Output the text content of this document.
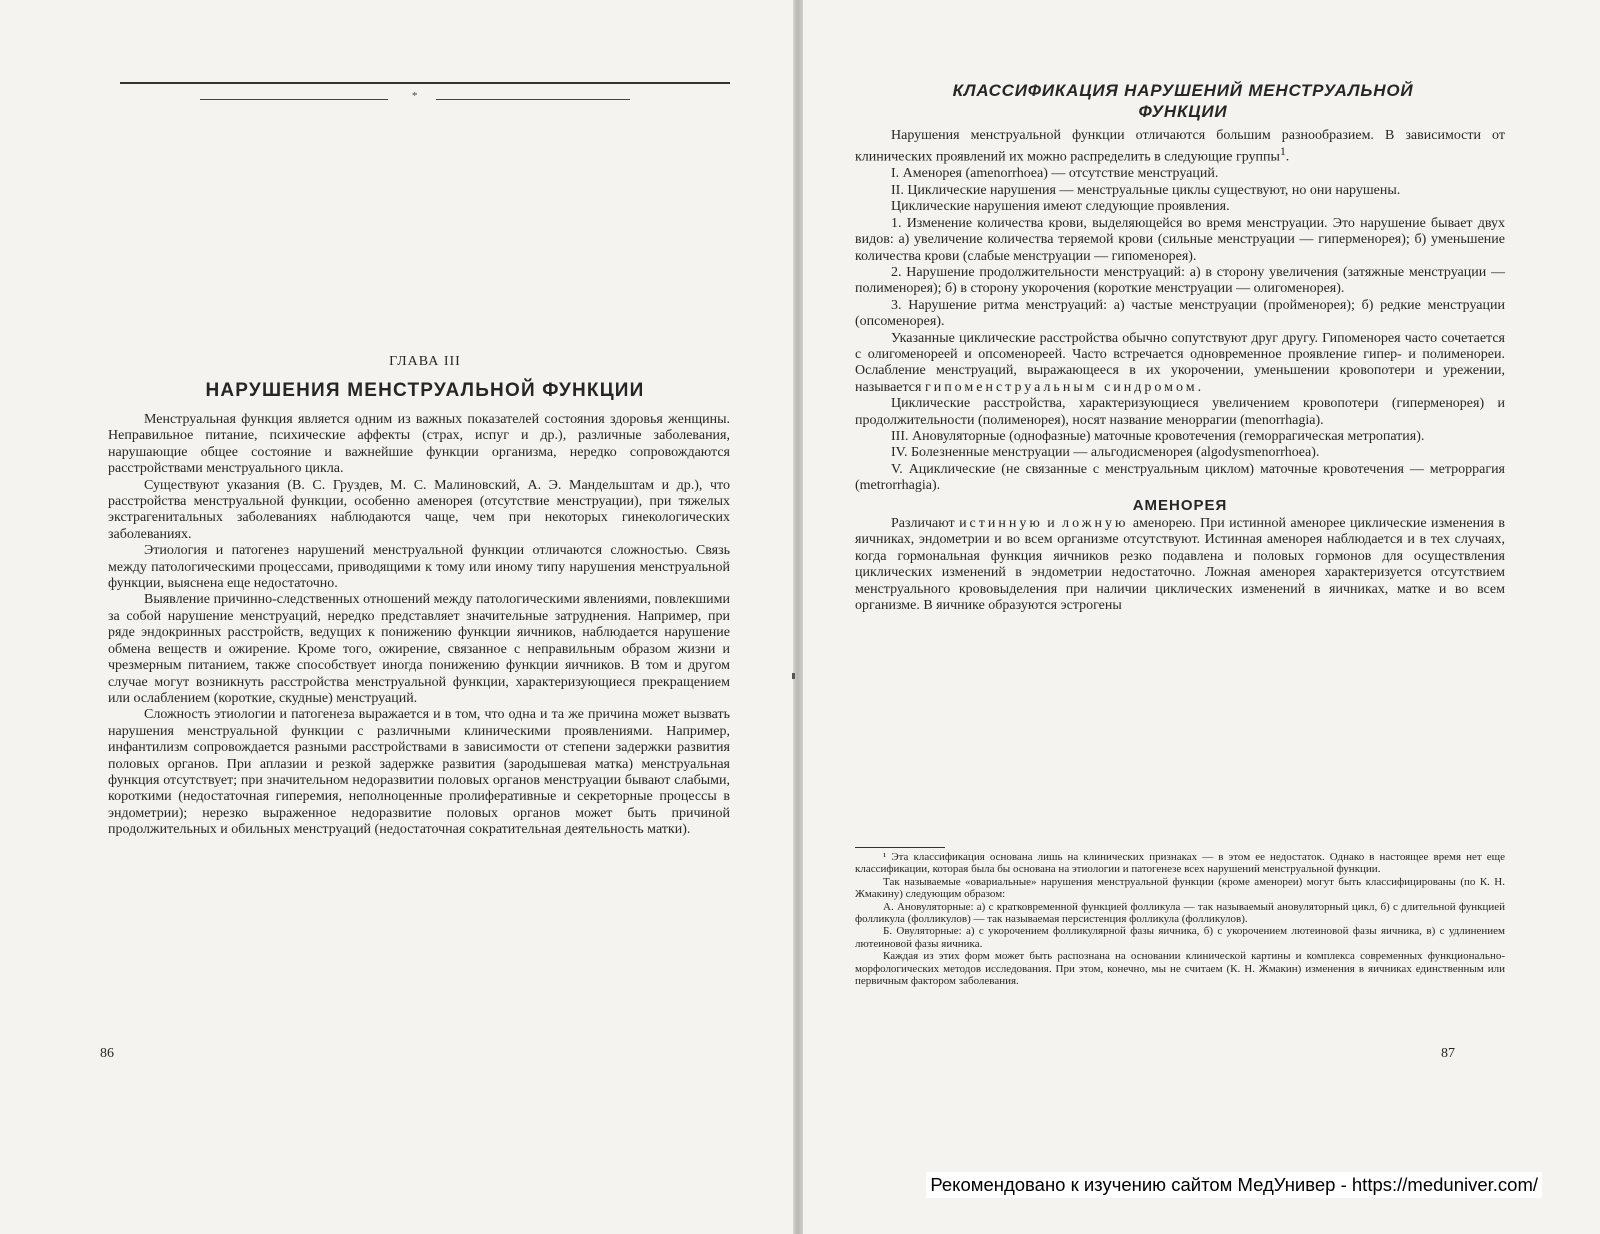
*
ГЛАВА III
НАРУШЕНИЯ МЕНСТРУАЛЬНОЙ ФУНКЦИИ

Менструальная функция является одним из важных показателей состояния здоровья женщины. Неправильное питание, психические аффекты (страх, испуг и др.), различные заболевания, нарушающие общее состояние и важнейшие функции организма, нередко сопровождаются расстройствами менструального цикла.

Существуют указания (В. С. Груздев, М. С. Малиновский, А. Э. Мандельштам и др.), что расстройства менструальной функции, особенно аменорея (отсутствие менструации), при тяжелых экстрагенитальных заболеваниях наблюдаются чаще, чем при некоторых гинекологических заболеваниях.

Этиология и патогенез нарушений менструальной функции отличаются сложностью. Связь между патологическими процессами, приводящими к тому или иному типу нарушения менструальной функции, выяснена еще недостаточно.

Выявление причинно-следственных отношений между патологическими явлениями, повлекшими за собой нарушение менструаций, нередко представляет значительные затруднения. Например, при ряде эндокринных расстройств, ведущих к понижению функции яичников, наблюдается нарушение обмена веществ и ожирение. Кроме того, ожирение, связанное с неправильным образом жизни и чрезмерным питанием, также способствует иногда понижению функции яичников. В том и другом случае могут возникнуть расстройства менструальной функции, характеризующиеся прекращением или ослаблением (короткие, скудные) менструаций.

Сложность этиологии и патогенеза выражается и в том, что одна и та же причина может вызвать нарушения менструальной функции с различными клиническими проявлениями. Например, инфантилизм сопровождается разными расстройствами в зависимости от степени задержки развития половых органов. При аплазии и резкой задержке развития (зародышевая матка) менструальная функция отсутствует; при значительном недоразвитии половых органов менструации бывают слабыми, короткими (недостаточная гиперемия, неполноценные пролиферативные и секреторные процессы в эндометрии); нерезко выраженное недоразвитие половых органов может быть причиной продолжительных и обильных менструаций (недостаточная сократительная деятельность матки).

86
КЛАССИФИКАЦИЯ НАРУШЕНИЙ МЕНСТРУАЛЬНОЙ
ФУНКЦИИ

Нарушения менструальной функции отличаются большим разнообразием. В зависимости от клинических проявлений их можно распределить в следующие группы$^1$.

I. Аменорея (amenorrhoea) — отсутствие менструаций.

II. Циклические нарушения — менструальные циклы существуют, но они нарушены.

Циклические нарушения имеют следующие проявления.

1. Изменение количества крови, выделяющейся во время менструации. Это нарушение бывает двух видов: а) увеличение количества теряемой крови (сильные менструации — гиперменорея); б) уменьшение количества крови (слабые менструации — гипоменорея).

2. Нарушение продолжительности менструаций: а) в сторону увеличения (затяжные менструации — полименорея); б) в сторону укорочения (короткие менструации — олигоменорея).

3. Нарушение ритма менструаций: а) частые менструации (пройменорея); б) редкие менструации (опсоменорея).

Указанные циклические расстройства обычно сопутствуют друг другу. Гипоменорея часто сочетается с олигоменореей и опсоменореей. Часто встречается одновременное проявление гипер- и полименореи. Ослабление менструаций, выражающееся в их укорочении, уменьшении кровопотери и урежении, называется гипоменструальным синдромом.

Циклические расстройства, характеризующиеся увеличением кровопотери (гиперменорея) и продолжительности (полименорея), носят название меноррагии (menorrhagia).

III. Ановуляторные (однофазные) маточные кровотечения (геморрагическая метропатия).

IV. Болезненные менструации — альгодисменорея (algodysmenorrhoea).

V. Ациклические (не связанные с менструальным циклом) маточные кровотечения — метроррагия (metrorrhagia).

АМЕНОРЕЯ

Различают истинную и ложную аменорею. При истинной аменорее циклические изменения в яичниках, эндометрии и во всем организме отсутствуют. Истинная аменорея наблюдается и в тех случаях, когда гормональная функция яичников резко подавлена и половых гормонов для осуществления циклических изменений в эндометрии недостаточно. Ложная аменорея характеризуется отсутствием менструального крововыделения при наличии циклических изменений в яичниках, матке и во всем организме. В яичнике образуются эстрогены

¹ Эта классификация основана лишь на клинических признаках — в этом ее недостаток. Однако в настоящее время нет еще классификации, которая была бы основана на этиологии и патогенезе всех нарушений менструальной функции.

Так называемые «овариальные» нарушения менструальной функции (кроме аменореи) могут быть классифицированы (по К. Н. Жмакину) следующим образом:

А. Ановуляторные: а) с кратковременной функцией фолликула — так называемый ановуляторный цикл, б) с длительной функцией фолликула (фолликулов) — так называемая персистенция фолликула (фолликулов).

Б. Овуляторные: а) с укорочением фолликулярной фазы яичника, б) с укорочением лютеиновой фазы яичника, в) с удлинением лютеиновой фазы яичника.

Каждая из этих форм может быть распознана на основании клинической картины и комплекса современных функционально-морфологических методов исследования. При этом, конечно, мы не считаем (К. Н. Жмакин) изменения в яичниках единственным или первичным фактором заболевания.

87
Рекомендовано к изучению сайтом МедУнивер - https://meduniver.com/
